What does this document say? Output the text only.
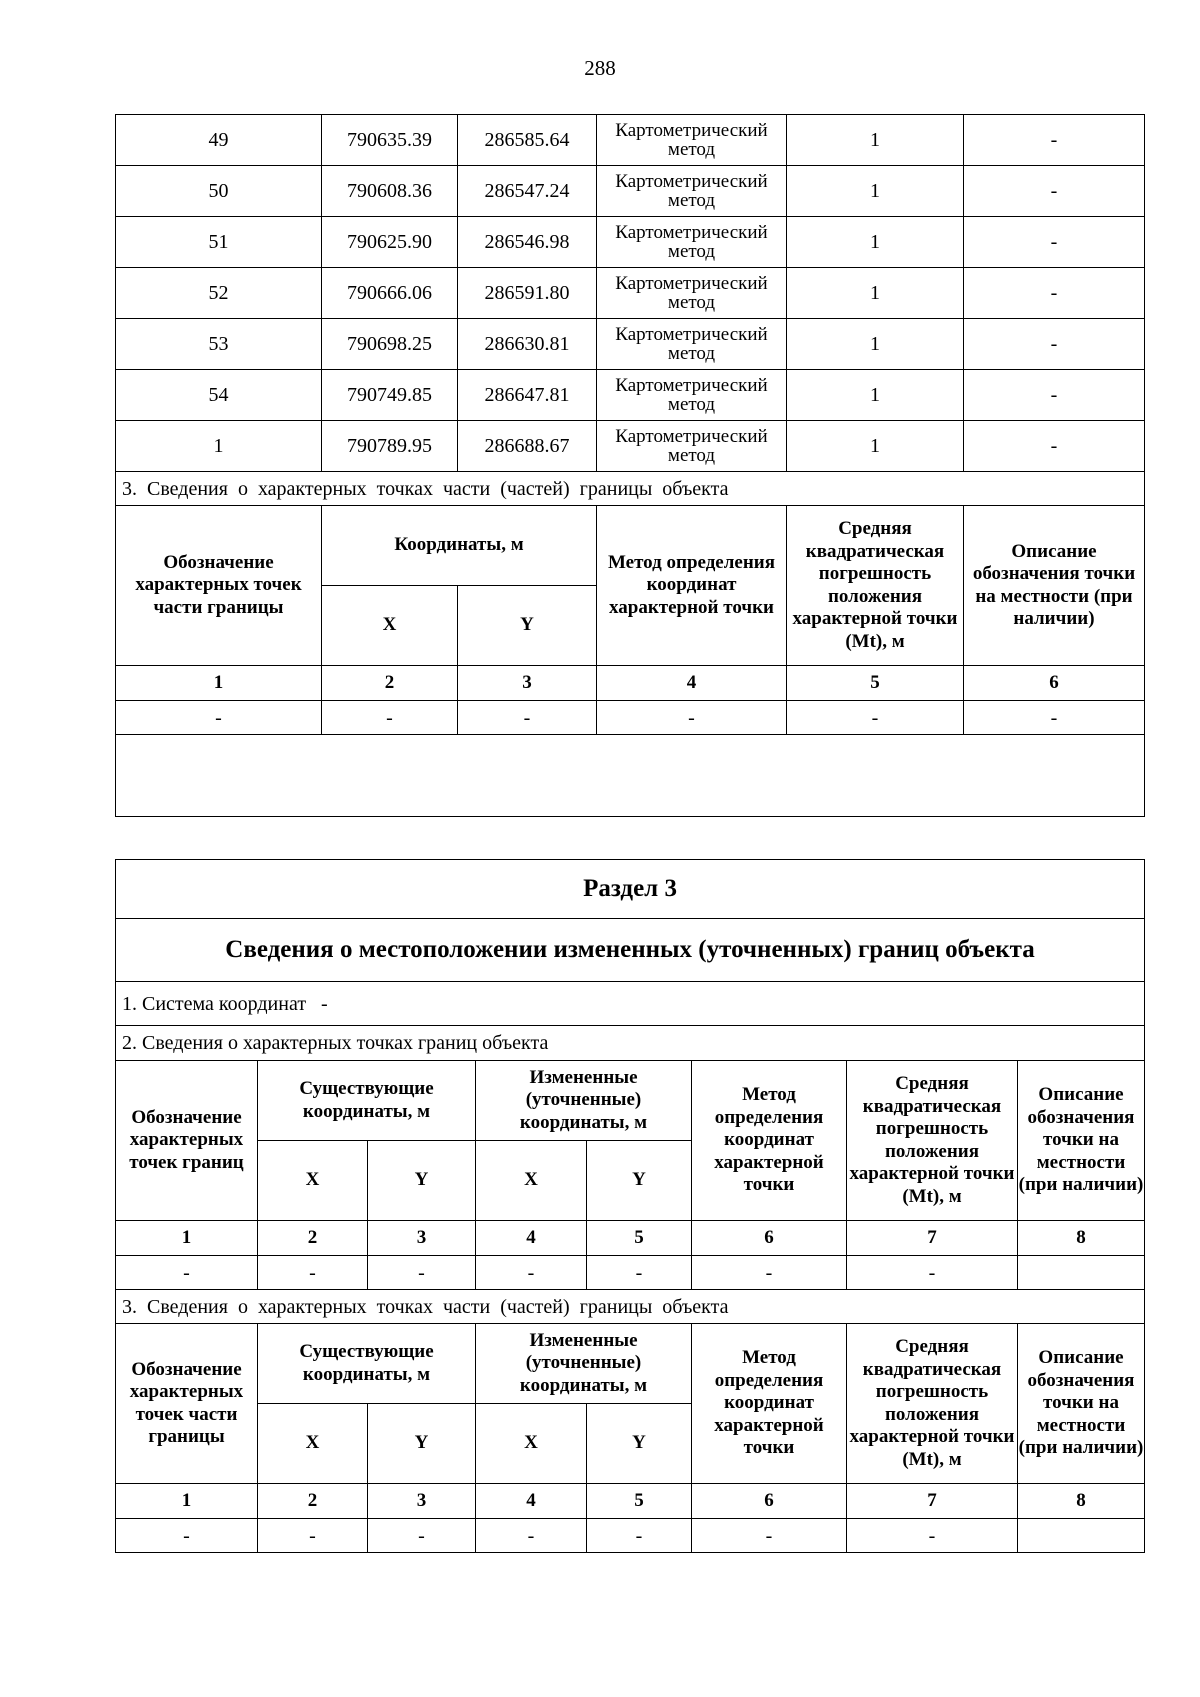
288
49	790635.39	286585.64	Картометрический метод	1	-
50	790608.36	286547.24	Картометрический метод	1	-
51	790625.90	286546.98	Картометрический метод	1	-
52	790666.06	286591.80	Картометрический метод	1	-
53	790698.25	286630.81	Картометрический метод	1	-
54	790749.85	286647.81	Картометрический метод	1	-
1	790789.95	286688.67	Картометрический метод	1	-
3. Сведения о характерных точках части (частей) границы объекта					
Обозначение характерных точек части границы	Координаты, м		Метод определения координат характерной точки	Средняя квадратическая погрешность положения характерной точки (Mt), м	Описание обозначения точки на местности (при наличии)
	X	Y			
1	2	3	4	5	6
-	-	-	-	-	-

Раздел 3							
Сведения о местоположении измененных (уточненных) границ объекта							
1. Система координат   -							
2. Сведения о характерных точках границ объекта							
Обозначение характерных точек границ	Существующие координаты, м		Измененные (уточненные) координаты, м		Метод определения координат характерной точки	Средняя квадратическая погрешность положения характерной точки (Mt), м	Описание обозначения точки на местности (при наличии)
	X	Y	X	Y			
1	2	3	4	5	6	7	8
-	-	-	-	-	-	-	
3. Сведения о характерных точках части (частей) границы объекта							
Обозначение характерных точек части границы	Существующие координаты, м		Измененные (уточненные) координаты, м		Метод определения координат характерной точки	Средняя квадратическая погрешность положения характерной точки (Mt), м	Описание обозначения точки на местности (при наличии)
	X	Y	X	Y			
1	2	3	4	5	6	7	8
-	-	-	-	-	-	-	
